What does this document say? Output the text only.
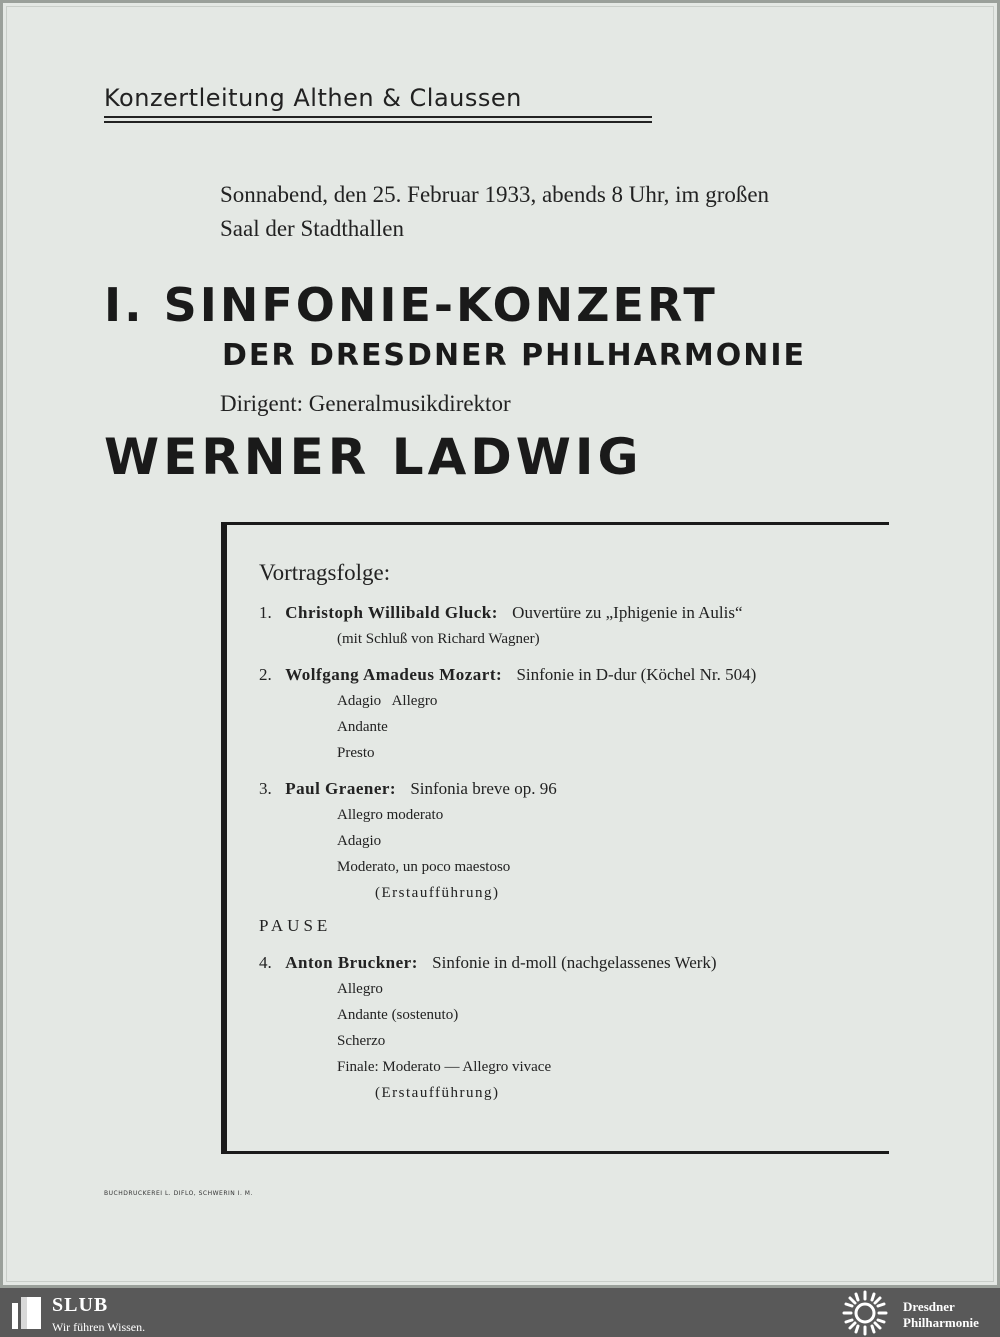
Konzertleitung Althen & Claussen
Sonnabend, den 25. Februar 1933, abends 8 Uhr, im großen
Saal der Stadthallen
I. SINFONIE-KONZERT
DER DRESDNER PHILHARMONIE
Dirigent: Generalmusikdirektor
WERNER LADWIG
Vortragsfolge:
1. Christoph Willibald Gluck: Ouvertüre zu „Iphigenie in Aulis“
(mit Schluß von Richard Wagner)
2. Wolfgang Amadeus Mozart: Sinfonie in D-dur (Köchel Nr. 504)
Adagio   Allegro
Andante
Presto
3. Paul Graener: Sinfonia breve op. 96
Allegro moderato
Adagio
Moderato, un poco maestoso
(Erstaufführung)
PAUSE
4. Anton Bruckner: Sinfonie in d-moll (nachgelassenes Werk)
Allegro
Andante (sostenuto)
Scherzo
Finale: Moderato — Allegro vivace
(Erstaufführung)
BUCHDRUCKEREI L. DIFLO, SCHWERIN I. M.
SLUB
Wir führen Wissen.
Dresdner
Philharmonie
